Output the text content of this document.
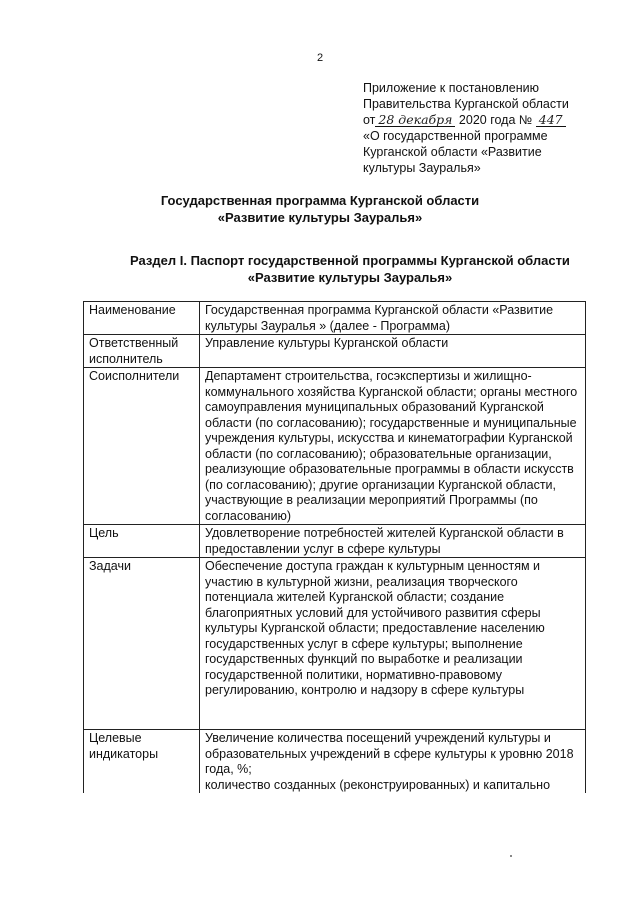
2
Приложение к постановлению
Правительства Курганской области
от 28 декабря 2020 года № 447
«О государственной программе
Курганской области «Развитие
культуры Зауралья»
Государственная программа Курганской области
«Развитие культуры Зауралья»
Раздел I. Паспорт государственной программы Курганской области
«Развитие культуры Зауралья»
Наименование	Государственная программа Курганской области «Развитие культуры Зауралья » (далее - Программа)
Ответственный исполнитель	Управление культуры Курганской области
Соисполнители	Департамент строительства, госэкспертизы и жилищно-коммунального хозяйства Курганской области; органы местного самоуправления муниципальных образований Курганской области (по согласованию); государственные и муниципальные учреждения культуры, искусства и кинематографии Курганской области (по согласованию); образовательные организации, реализующие образовательные программы в области искусств (по согласованию); другие организации Курганской области, участвующие в реализации мероприятий Программы (по согласованию)
Цель	Удовлетворение потребностей жителей Курганской области в предоставлении услуг в сфере культуры
Задачи	Обеспечение доступа граждан к культурным ценностям и участию в культурной жизни, реализация творческого потенциала жителей Курганской области; создание благоприятных условий для устойчивого развития сферы культуры Курганской области; предоставление населению государственных услуг в сфере культуры; выполнение государственных функций по выработке и реализации государственной политики, нормативно-правовому регулированию, контролю и надзору в сфере культуры
Целевые индикаторы	Увеличение количества посещений учреждений культуры и образовательных учреждений в сфере культуры к уровню 2018 года, %;
количество созданных (реконструированных) и капитально
